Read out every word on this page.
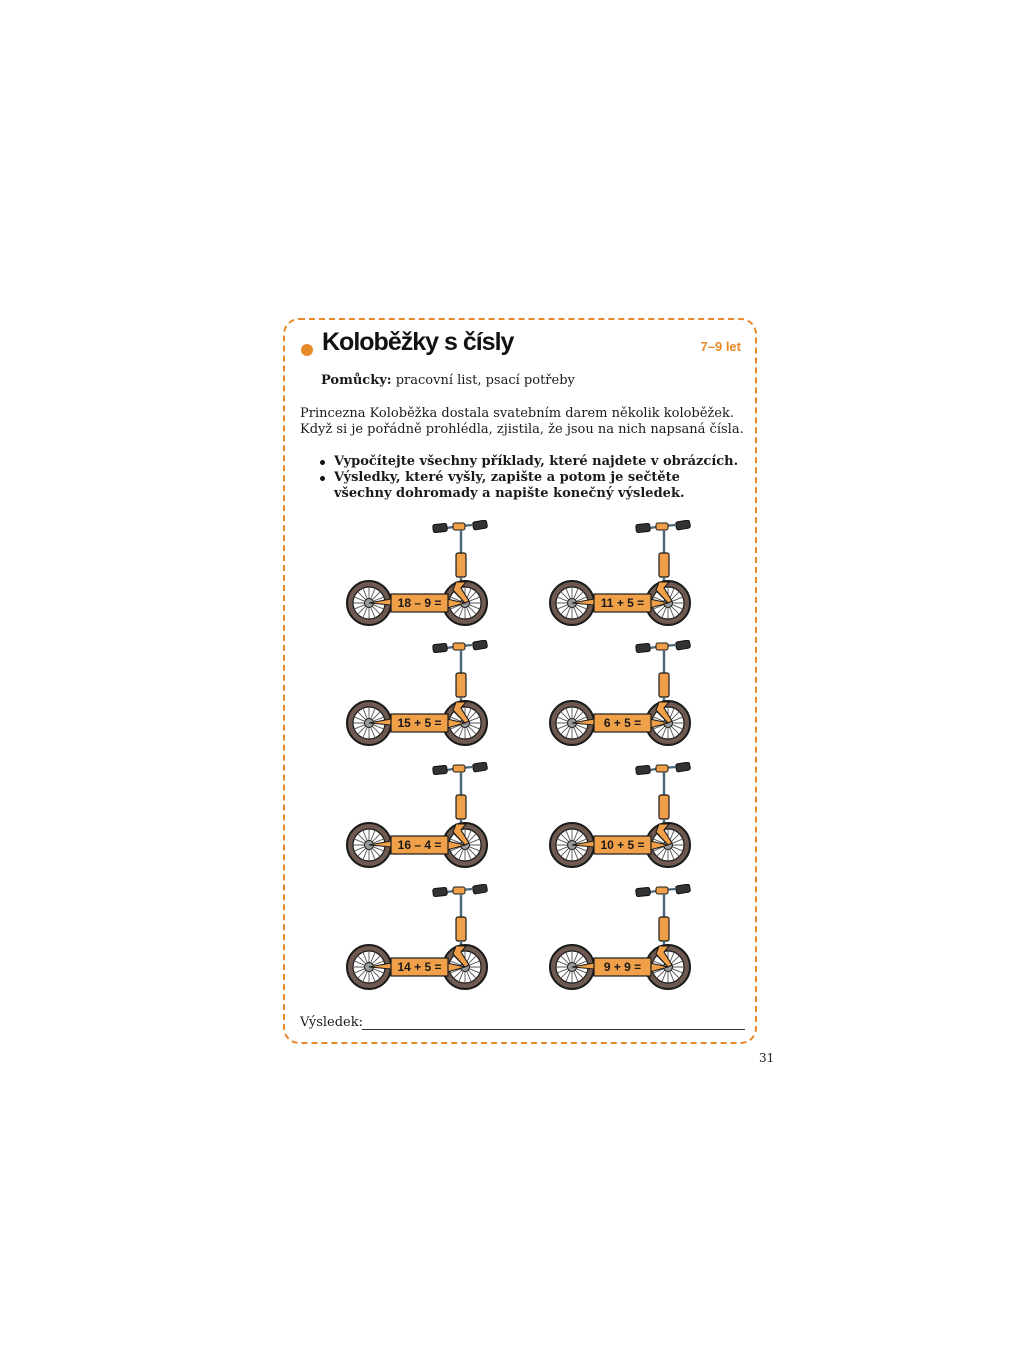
Koloběžky s čísly	7–9 let
Pomůcky: pracovní list, psací potřeby
Princezna Koloběžka dostala svatebním darem několik koloběžek.
Když si je pořádně prohlédla, zjistila, že jsou na nich napsaná čísla.
Vypočítejte všechny příklady, které najdete v obrázcích.
Výsledky, které vyšly, zapište a potom je sečtěte všechny dohromady a napište konečný výsledek.
18 – 9 =	11 + 5 =
15 + 5 =	6 + 5 =
16 – 4 =	10 + 5 =
14 + 5 =	9 + 9 =
Výsledek:
31
